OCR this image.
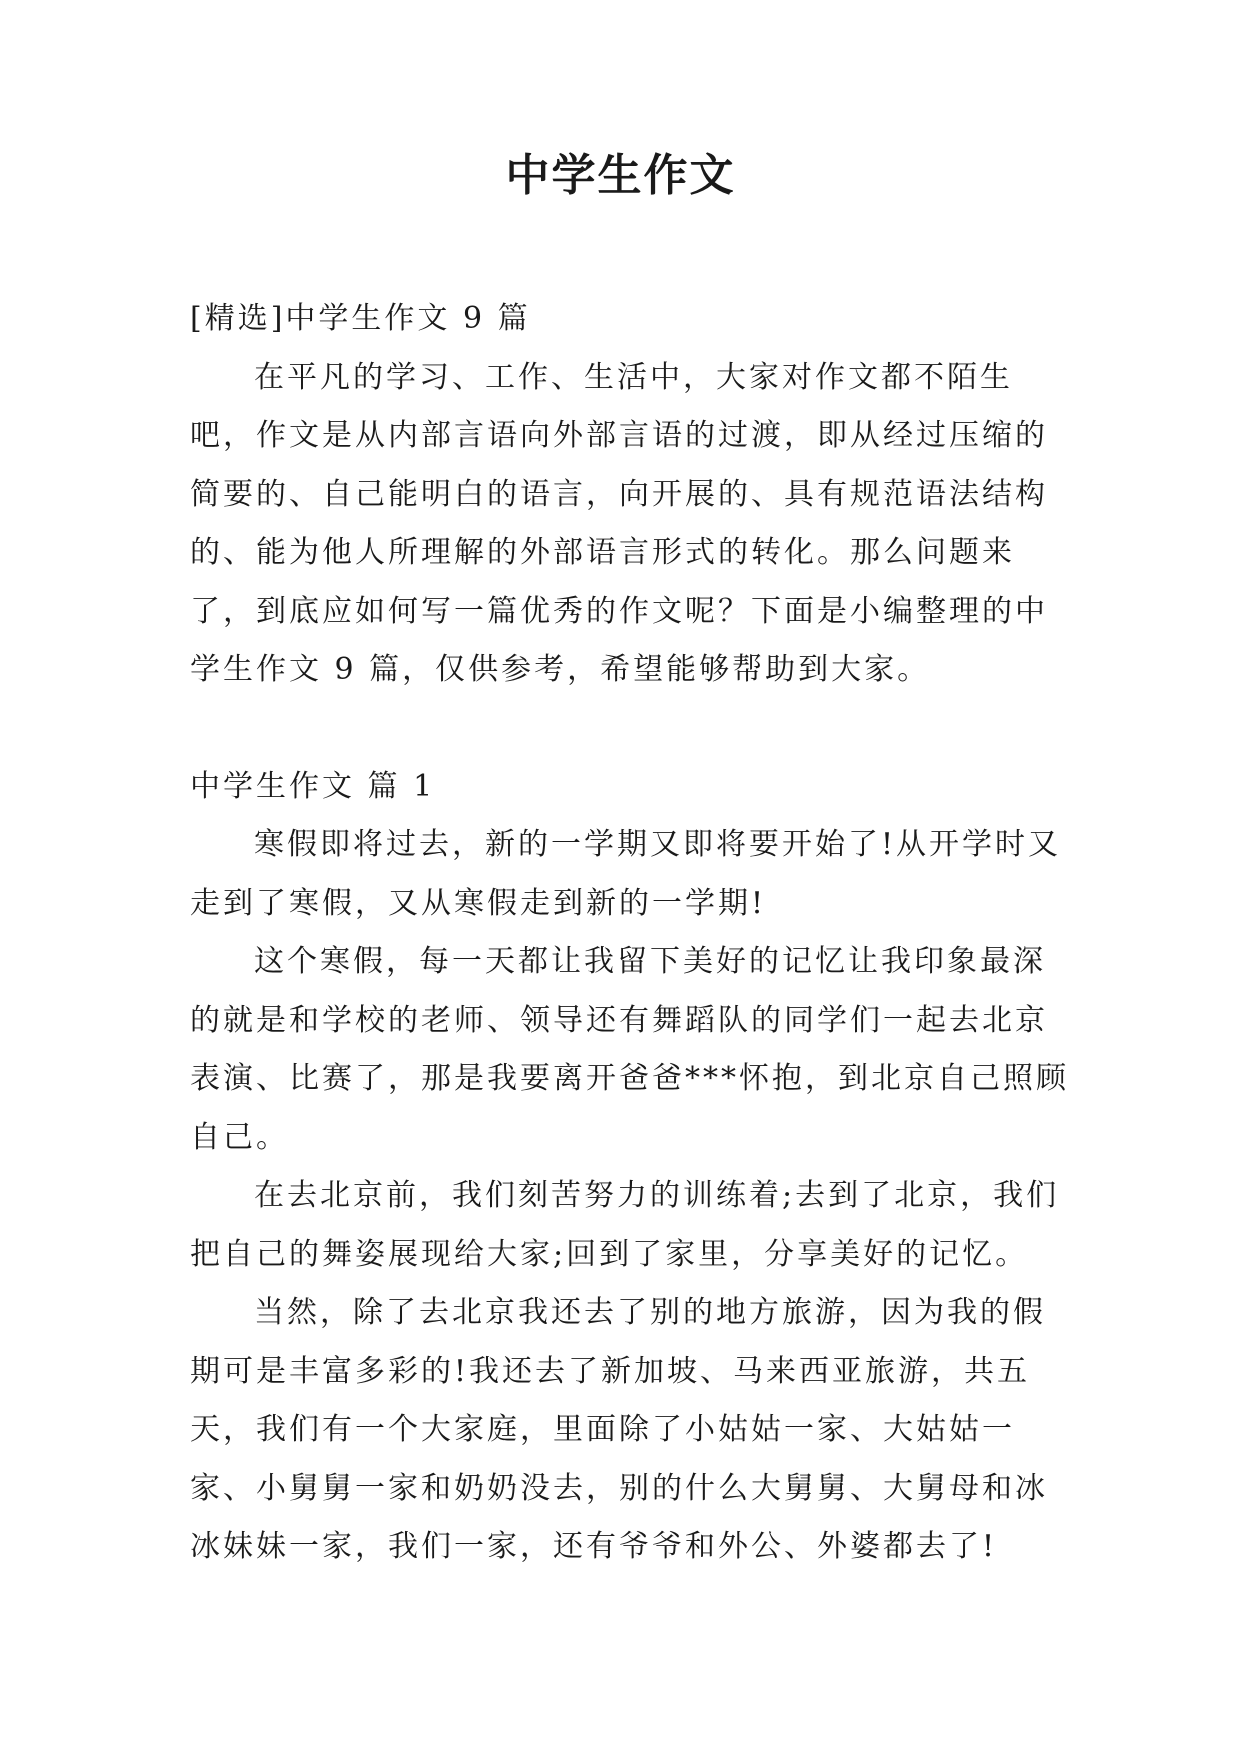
中学生作文

[精选]中学生作文 9 篇

在平凡的学习、工作、生活中，大家对作文都不陌生吧，作文是从内部言语向外部言语的过渡，即从经过压缩的简要的、自己能明白的语言，向开展的、具有规范语法结构的、能为他人所理解的外部语言形式的转化。那么问题来了，到底应如何写一篇优秀的作文呢？下面是小编整理的中学生作文 9 篇，仅供参考，希望能够帮助到大家。

中学生作文 篇 1

寒假即将过去，新的一学期又即将要开始了!从开学时又走到了寒假，又从寒假走到新的一学期!

这个寒假，每一天都让我留下美好的记忆让我印象最深的就是和学校的老师、领导还有舞蹈队的同学们一起去北京表演、比赛了，那是我要离开爸爸***怀抱，到北京自己照顾自己。

在去北京前，我们刻苦努力的训练着;去到了北京，我们把自己的舞姿展现给大家;回到了家里，分享美好的记忆。

当然，除了去北京我还去了别的地方旅游，因为我的假期可是丰富多彩的!我还去了新加坡、马来西亚旅游，共五天，我们有一个大家庭，里面除了小姑姑一家、大姑姑一家、小舅舅一家和奶奶没去，别的什么大舅舅、大舅母和冰冰妹妹一家，我们一家，还有爷爷和外公、外婆都去了!
